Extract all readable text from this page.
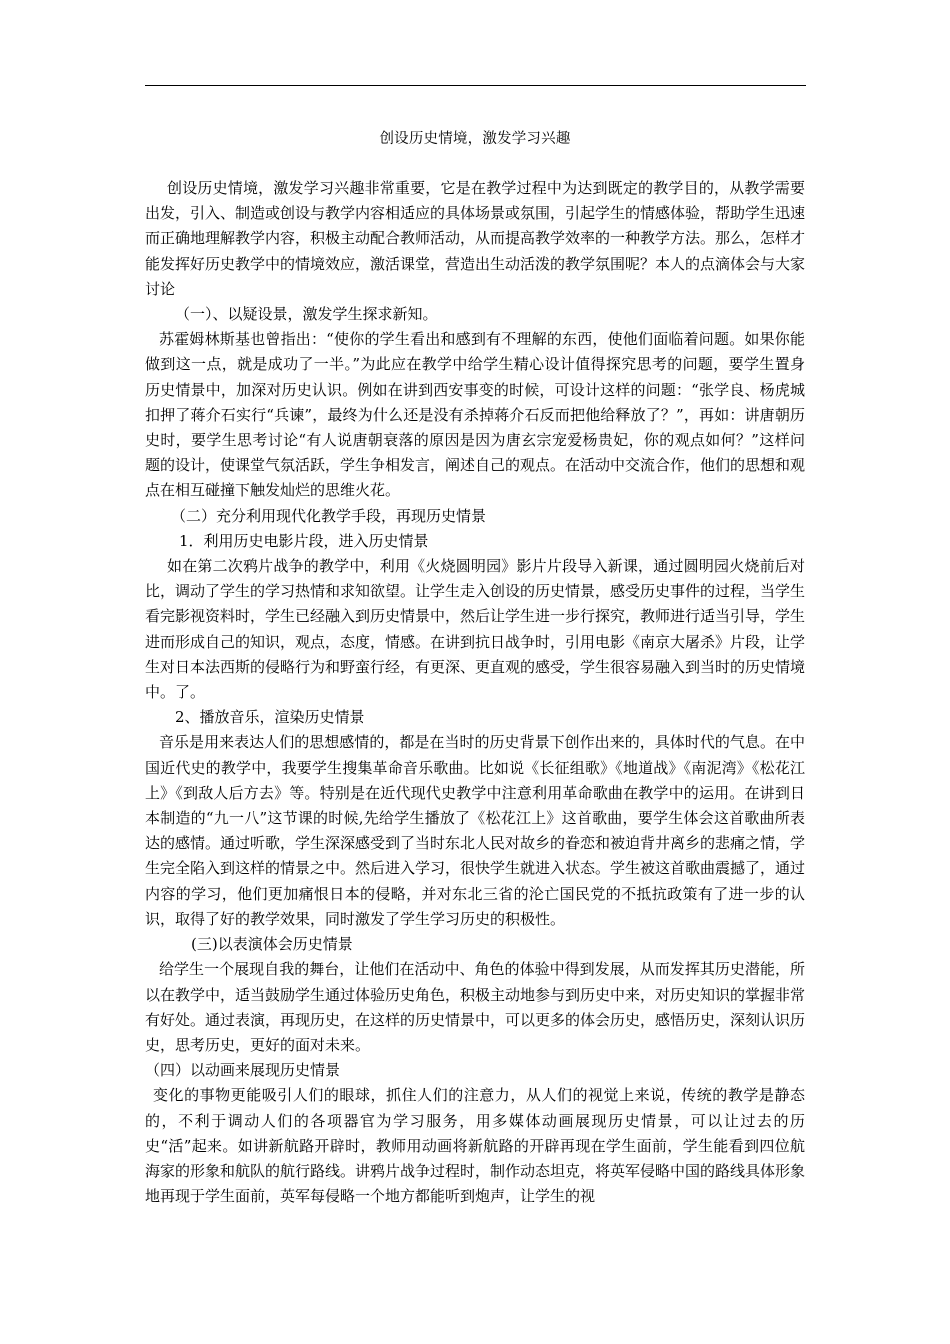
创设历史情境，激发学习兴趣

创设历史情境，激发学习兴趣非常重要，它是在教学过程中为达到既定的教学目的，从教学需要出发，引入、制造或创设与教学内容相适应的具体场景或氛围，引起学生的情感体验，帮助学生迅速而正确地理解教学内容，积极主动配合教师活动，从而提高教学效率的一种教学方法。那么，怎样才能发挥好历史教学中的情境效应，激活课堂，营造出生动活泼的教学氛围呢？本人的点滴体会与大家讨论

（一）、以疑设景，激发学生探求新知。

苏霍姆林斯基也曾指出：“使你的学生看出和感到有不理解的东西，使他们面临着问题。如果你能做到这一点，就是成功了一半。”为此应在教学中给学生精心设计值得探究思考的问题，要学生置身历史情景中，加深对历史认识。例如在讲到西安事变的时候，可设计这样的问题：“张学良、杨虎城扣押了蒋介石实行“兵谏”，最终为什么还是没有杀掉蒋介石反而把他给释放了？”，再如：讲唐朝历史时，要学生思考讨论“有人说唐朝衰落的原因是因为唐玄宗宠爱杨贵妃，你的观点如何？”这样问题的设计，使课堂气氛活跃，学生争相发言，阐述自己的观点。在活动中交流合作，他们的思想和观点在相互碰撞下触发灿烂的思维火花。

（二）充分利用现代化教学手段，再现历史情景

1．利用历史电影片段，进入历史情景

如在第二次鸦片战争的教学中，利用《火烧圆明园》影片片段导入新课，通过圆明园火烧前后对比，调动了学生的学习热情和求知欲望。让学生走入创设的历史情景，感受历史事件的过程，当学生看完影视资料时，学生已经融入到历史情景中，然后让学生进一步行探究，教师进行适当引导，学生进而形成自己的知识，观点，态度，情感。在讲到抗日战争时，引用电影《南京大屠杀》片段，让学生对日本法西斯的侵略行为和野蛮行经，有更深、更直观的感受，学生很容易融入到当时的历史情境中。了。

2、播放音乐，渲染历史情景

音乐是用来表达人们的思想感情的，都是在当时的历史背景下创作出来的，具体时代的气息。在中国近代史的教学中，我要学生搜集革命音乐歌曲。比如说《长征组歌》《地道战》《南泥湾》《松花江上》《到敌人后方去》等。特别是在近代现代史教学中注意利用革命歌曲在教学中的运用。在讲到日本制造的“九一八”这节课的时候,先给学生播放了《松花江上》这首歌曲，要学生体会这首歌曲所表达的感情。通过听歌，学生深深感受到了当时东北人民对故乡的眷恋和被迫背井离乡的悲痛之情，学生完全陷入到这样的情景之中。然后进入学习，很快学生就进入状态。学生被这首歌曲震撼了，通过内容的学习，他们更加痛恨日本的侵略，并对东北三省的沦亡国民党的不抵抗政策有了进一步的认识，取得了好的教学效果，同时激发了学生学习历史的积极性。

(三)以表演体会历史情景

给学生一个展现自我的舞台，让他们在活动中、角色的体验中得到发展，从而发挥其历史潜能，所以在教学中，适当鼓励学生通过体验历史角色，积极主动地参与到历史中来，对历史知识的掌握非常有好处。通过表演，再现历史，在这样的历史情景中，可以更多的体会历史，感悟历史，深刻认识历史，思考历史，更好的面对未来。

（四）以动画来展现历史情景

变化的事物更能吸引人们的眼球，抓住人们的注意力，从人们的视觉上来说，传统的教学是静态的，不利于调动人们的各项器官为学习服务，用多媒体动画展现历史情景，可以让过去的历史“活”起来。如讲新航路开辟时，教师用动画将新航路的开辟再现在学生面前，学生能看到四位航海家的形象和航队的航行路线。讲鸦片战争过程时，制作动态坦克，将英军侵略中国的路线具体形象地再现于学生面前，英军每侵略一个地方都能听到炮声，让学生的视
